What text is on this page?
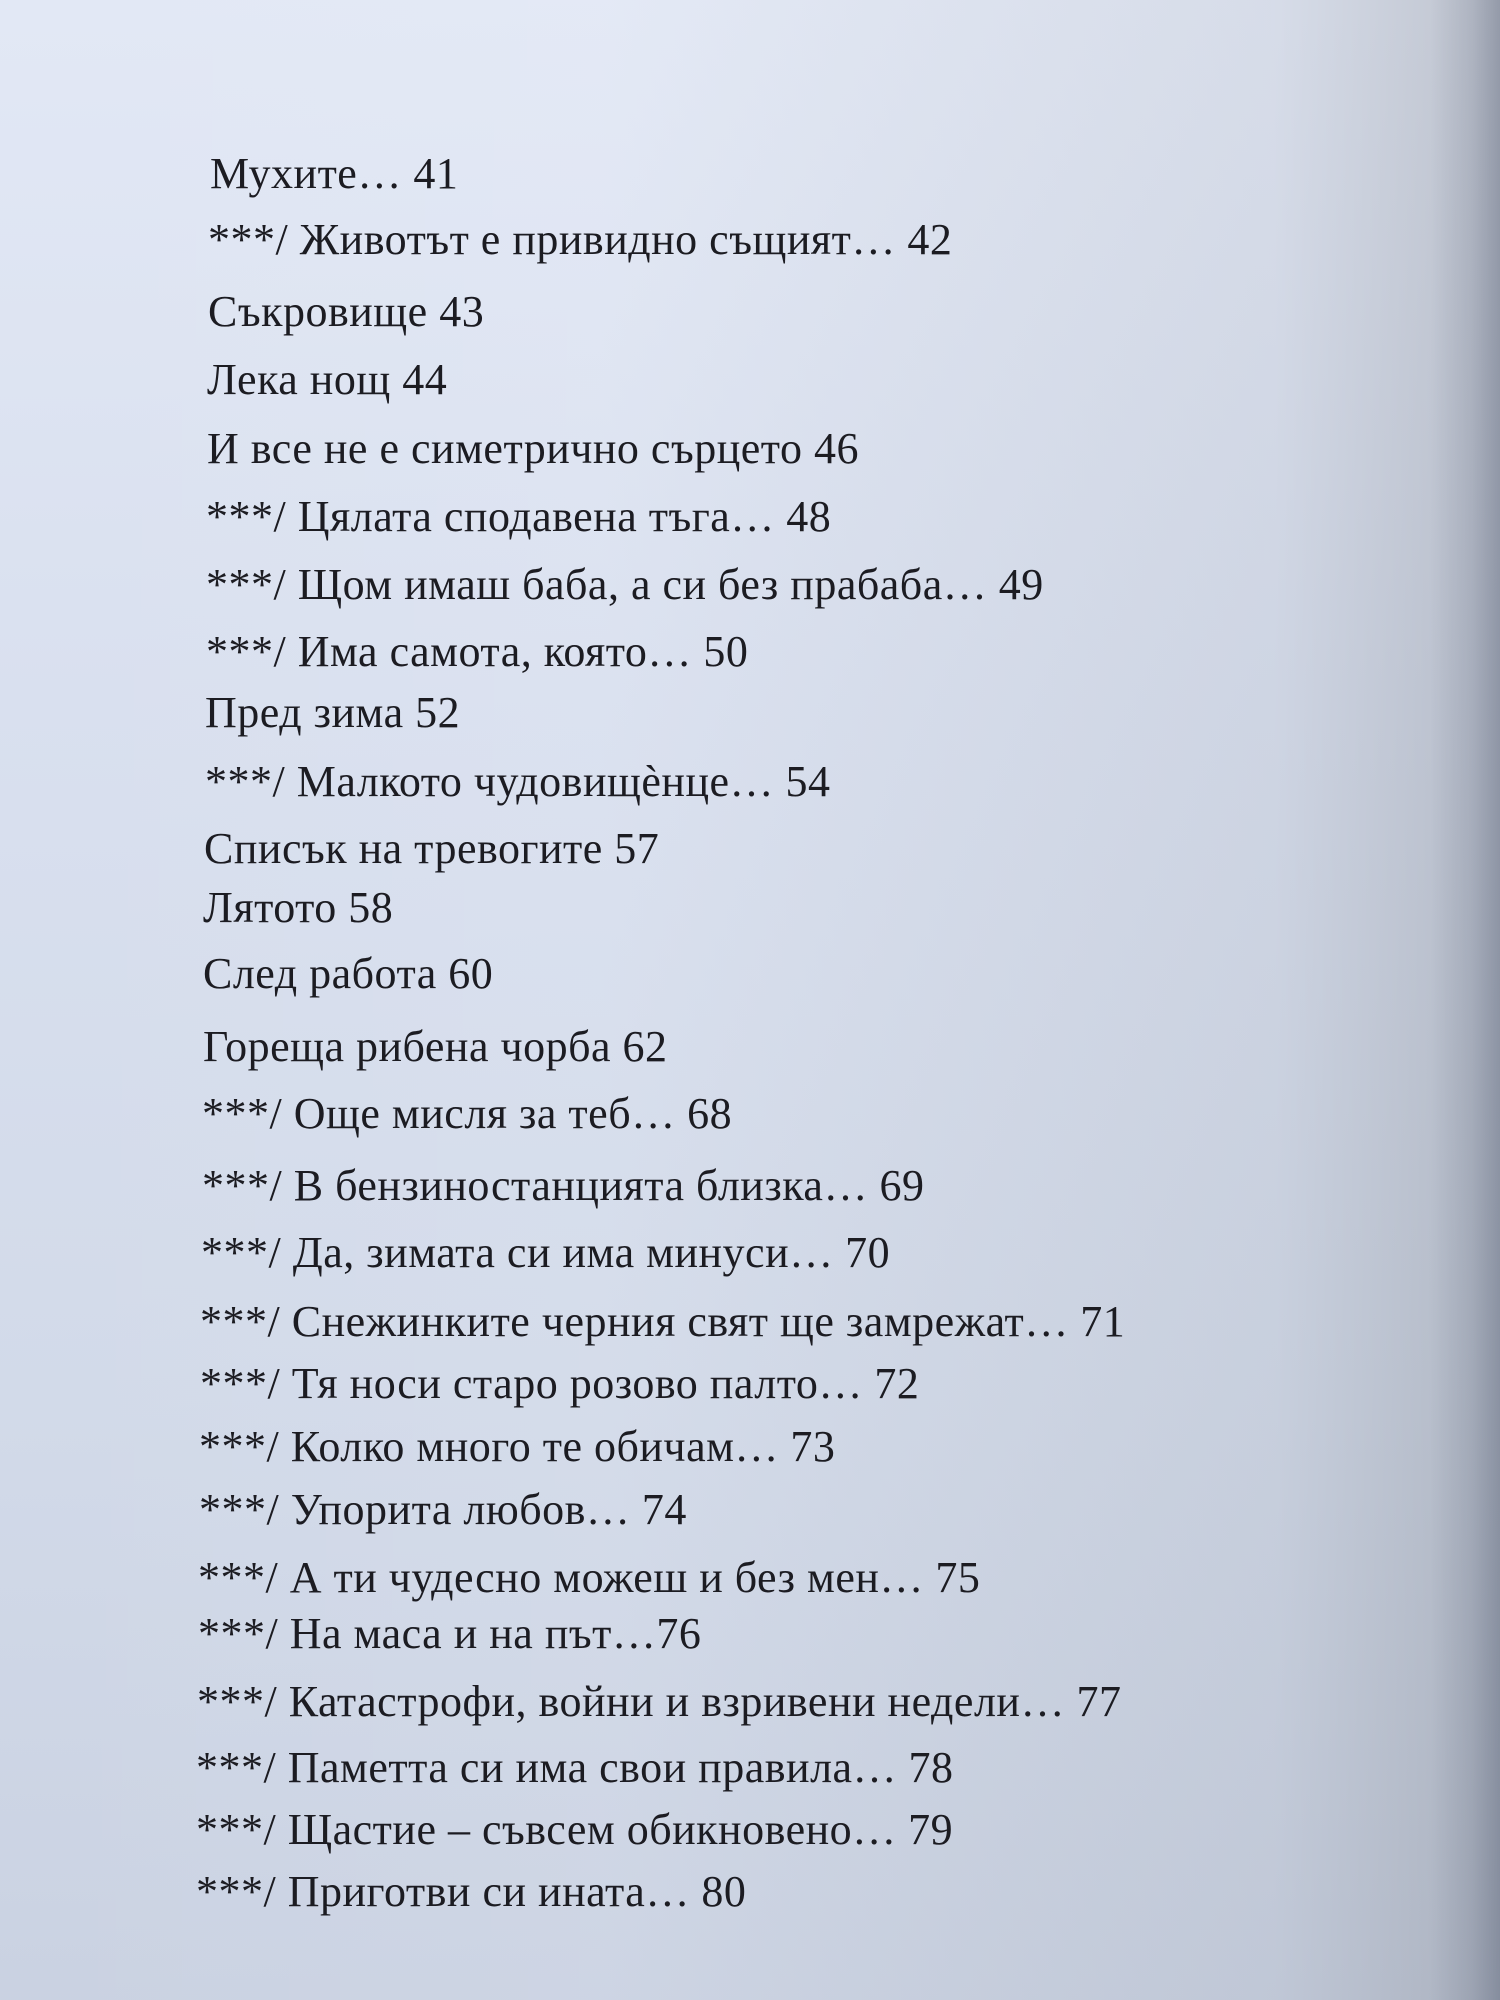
Мухите… 41
***/ Животът е привидно същият… 42
Съкровище 43
Лека нощ 44
И все не е симетрично сърцето 46
***/ Цялата сподавена тъга… 48
***/ Щом имаш баба, а си без прабаба… 49
***/ Има самота, която… 50
Пред зима 52
***/ Малкото чудовищѐнце… 54
Списък на тревогите 57
Лятото 58
След работа 60
Гореща рибена чорба 62
***/ Още мисля за теб… 68
***/ В бензиностанцията близка… 69
***/ Да, зимата си има минуси… 70
***/ Снежинките черния свят ще замрежат… 71
***/ Тя носи старо розово палто… 72
***/ Колко много те обичам… 73
***/ Упорита любов… 74
***/ А ти чудесно можеш и без мен… 75
***/ На маса и на път…76
***/ Катастрофи, войни и взривени недели… 77
***/ Паметта си има свои правила… 78
***/ Щастие – съвсем обикновено… 79
***/ Приготви си ината… 80
